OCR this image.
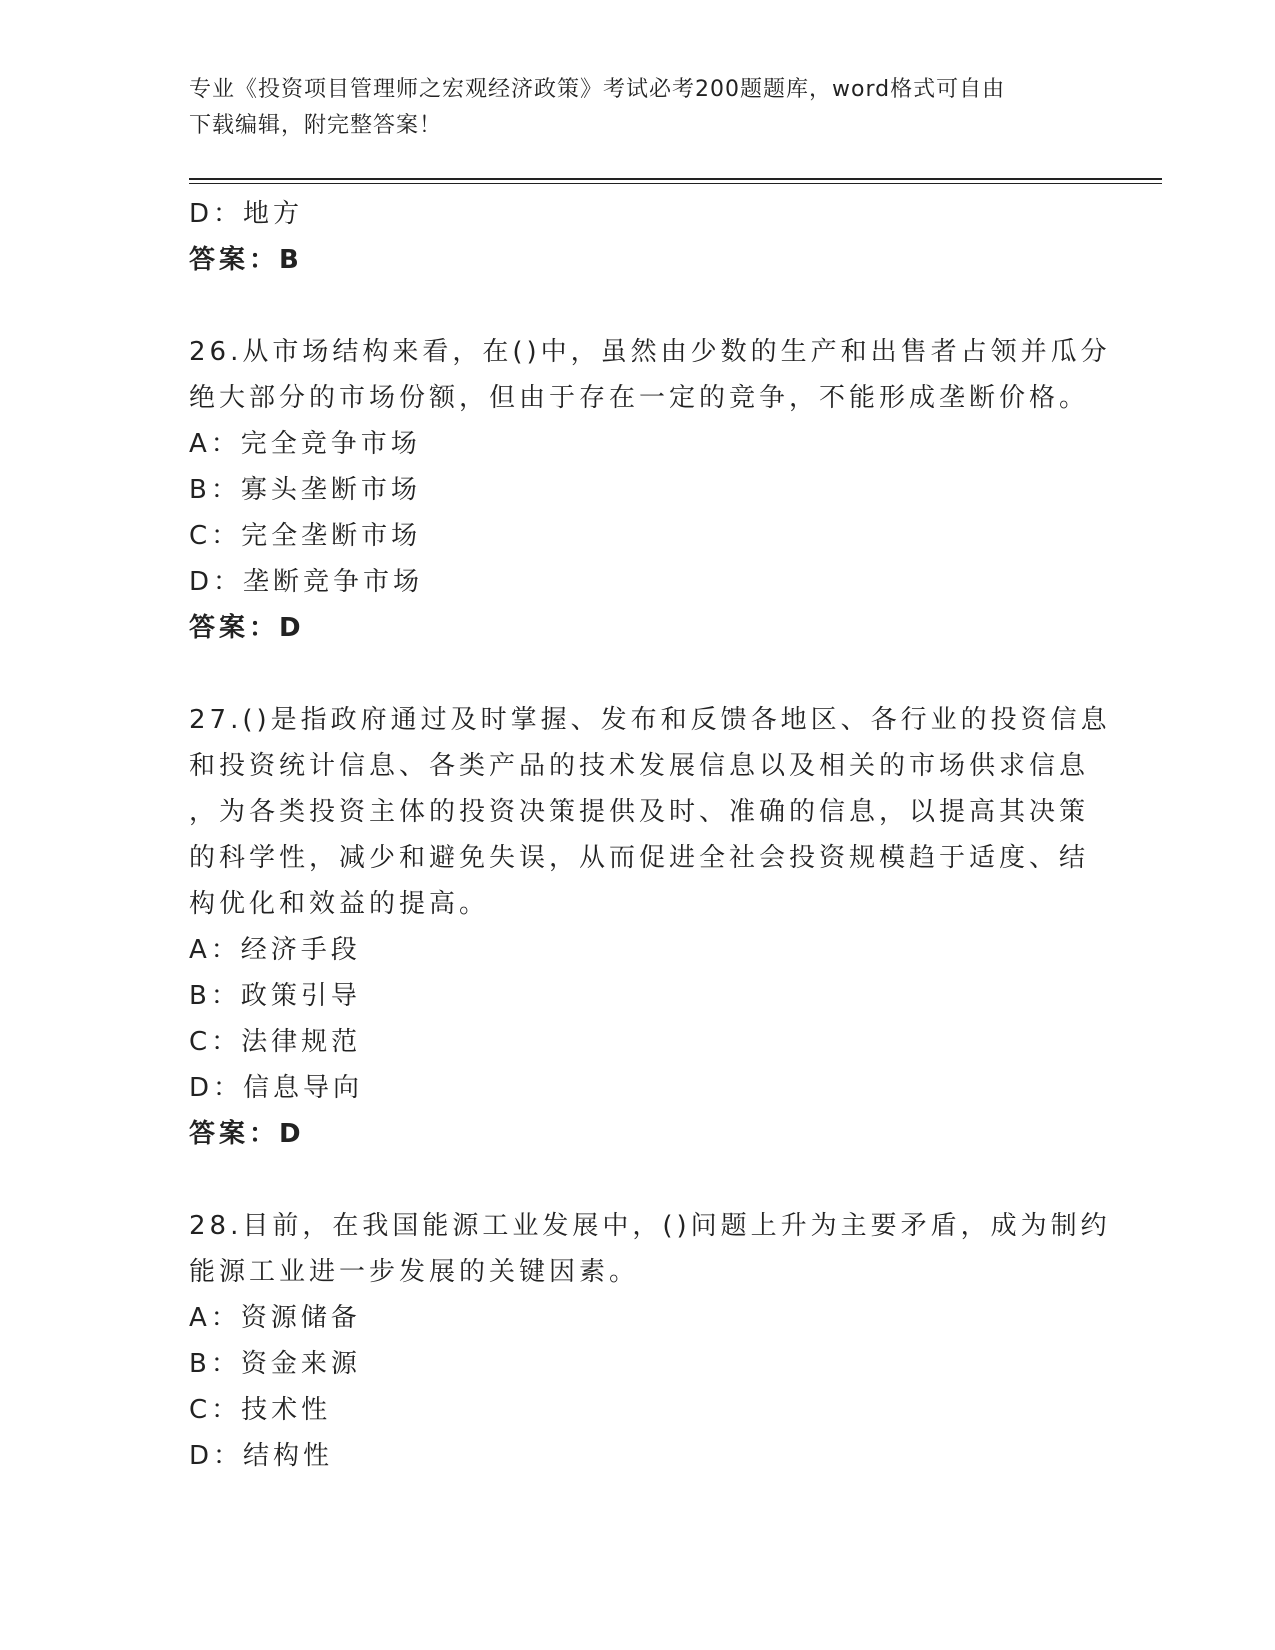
专业《投资项目管理师之宏观经济政策》考试必考200题题库，word格式可自由
下载编辑，附完整答案！
D：地方
答案：B
26.从市场结构来看，在()中，虽然由少数的生产和出售者占领并瓜分
绝大部分的市场份额，但由于存在一定的竞争，不能形成垄断价格。
A：完全竞争市场
B：寡头垄断市场
C：完全垄断市场
D：垄断竞争市场
答案：D
27.()是指政府通过及时掌握、发布和反馈各地区、各行业的投资信息
和投资统计信息、各类产品的技术发展信息以及相关的市场供求信息
，为各类投资主体的投资决策提供及时、准确的信息，以提高其决策
的科学性，减少和避免失误，从而促进全社会投资规模趋于适度、结
构优化和效益的提高。
A：经济手段
B：政策引导
C：法律规范
D：信息导向
答案：D
28.目前，在我国能源工业发展中，()问题上升为主要矛盾，成为制约
能源工业进一步发展的关键因素。
A：资源储备
B：资金来源
C：技术性
D：结构性
